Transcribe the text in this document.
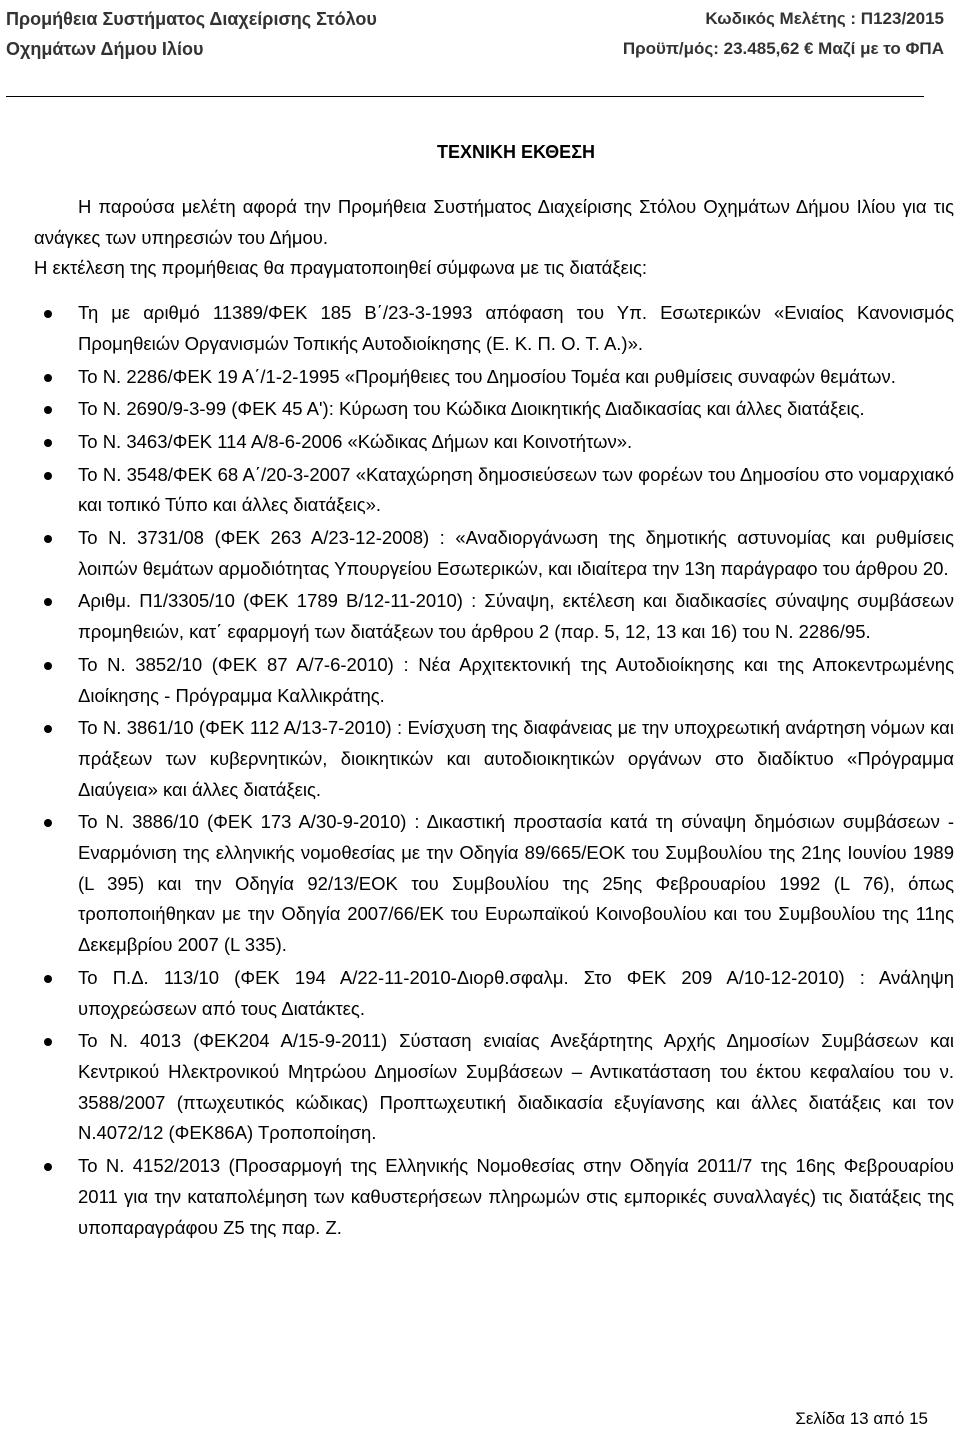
Προμήθεια Συστήματος Διαχείρισης Στόλου
Οχημάτων Δήμου Ιλίου
Κωδικός Μελέτης : Π123/2015
Προϋπ/μός: 23.485,62 € Μαζί με το ΦΠΑ
ΤΕΧΝΙΚΗ ΕΚΘΕΣΗ

Η παρούσα μελέτη αφορά την Προμήθεια Συστήματος Διαχείρισης Στόλου Οχημάτων Δήμου Ιλίου για τις ανάγκες των υπηρεσιών του Δήμου.

Η εκτέλεση της προμήθειας θα πραγματοποιηθεί σύμφωνα με τις διατάξεις:

Τη με αριθμό 11389/ΦΕΚ 185 Β΄/23-3-1993 απόφαση του Υπ. Εσωτερικών «Ενιαίος Κανονισμός Προμηθειών Οργανισμών Τοπικής Αυτοδιοίκησης (Ε. Κ. Π. Ο. Τ. Α.)».
Το Ν. 2286/ΦΕΚ 19 Α΄/1-2-1995 «Προμήθειες του Δημοσίου Τομέα και ρυθμίσεις συναφών θεμάτων.
Το Ν. 2690/9-3-99 (ΦΕΚ 45 Α'): Κύρωση του Κώδικα Διοικητικής Διαδικασίας και άλλες διατάξεις.
Το Ν. 3463/ΦΕΚ 114 Α/8-6-2006 «Κώδικας Δήμων και Κοινοτήτων».
Το Ν. 3548/ΦΕΚ 68 Α΄/20-3-2007 «Καταχώρηση δημοσιεύσεων των φορέων του Δημοσίου στο νομαρχιακό και τοπικό Τύπο και άλλες διατάξεις».
Το Ν. 3731/08 (ΦΕΚ 263 Α/23-12-2008) : «Αναδιοργάνωση της δημοτικής αστυνομίας και ρυθμίσεις λοιπών θεμάτων αρμοδιότητας Υπουργείου Εσωτερικών, και ιδιαίτερα την 13η παράγραφο του άρθρου 20.
Αριθμ. Π1/3305/10 (ΦΕΚ 1789 Β/12-11-2010) : Σύναψη, εκτέλεση και διαδικασίες σύναψης συμβάσεων προμηθειών, κατ΄ εφαρμογή των διατάξεων του άρθρου 2 (παρ. 5, 12, 13 και 16) του Ν. 2286/95.
Το Ν. 3852/10 (ΦΕΚ 87 Α/7-6-2010) : Νέα Αρχιτεκτονική της Αυτοδιοίκησης και της Αποκεντρωμένης Διοίκησης - Πρόγραμμα Καλλικράτης.
Το Ν. 3861/10 (ΦΕΚ 112 Α/13-7-2010) : Ενίσχυση της διαφάνειας με την υποχρεωτική ανάρτηση νόμων και πράξεων των κυβερνητικών, διοικητικών και αυτοδιοικητικών οργάνων στο διαδίκτυο «Πρόγραμμα Διαύγεια» και άλλες διατάξεις.
Το Ν. 3886/10 (ΦΕΚ 173 Α/30-9-2010) : Δικαστική προστασία κατά τη σύναψη δημόσιων συμβάσεων - Εναρμόνιση της ελληνικής νομοθεσίας με την Οδηγία 89/665/ΕΟΚ του Συμβουλίου της 21ης Ιουνίου 1989 (L 395) και την Οδηγία 92/13/ΕΟΚ του Συμβουλίου της 25ης Φεβρουαρίου 1992 (L 76), όπως τροποποιήθηκαν με την Οδηγία 2007/66/ΕΚ του Ευρωπαϊκού Κοινοβουλίου και του Συμβουλίου της 11ης Δεκεμβρίου 2007 (L 335).
Το Π.Δ. 113/10 (ΦΕΚ 194 Α/22-11-2010-Διορθ.σφαλμ. Στο ΦΕΚ 209 Α/10-12-2010) : Ανάληψη υποχρεώσεων από τους Διατάκτες.
Το Ν. 4013 (ΦΕΚ204 Α/15-9-2011) Σύσταση ενιαίας Ανεξάρτητης Αρχής Δημοσίων Συμβάσεων και Κεντρικού Ηλεκτρονικού Μητρώου Δημοσίων Συμβάσεων – Αντικατάσταση του έκτου κεφαλαίου του ν. 3588/2007 (πτωχευτικός κώδικας) Προπτωχευτική διαδικασία εξυγίανσης και άλλες διατάξεις και τον Ν.4072/12 (ΦΕΚ86Α) Τροποποίηση.
Το Ν. 4152/2013 (Προσαρμογή της Ελληνικής Νομοθεσίας στην Οδηγία 2011/7 της 16ης Φεβρουαρίου 2011 για την καταπολέμηση των καθυστερήσεων πληρωμών στις εμπορικές συναλλαγές) τις διατάξεις της υποπαραγράφου Ζ5 της παρ. Ζ.
Σελίδα 13 από 15
